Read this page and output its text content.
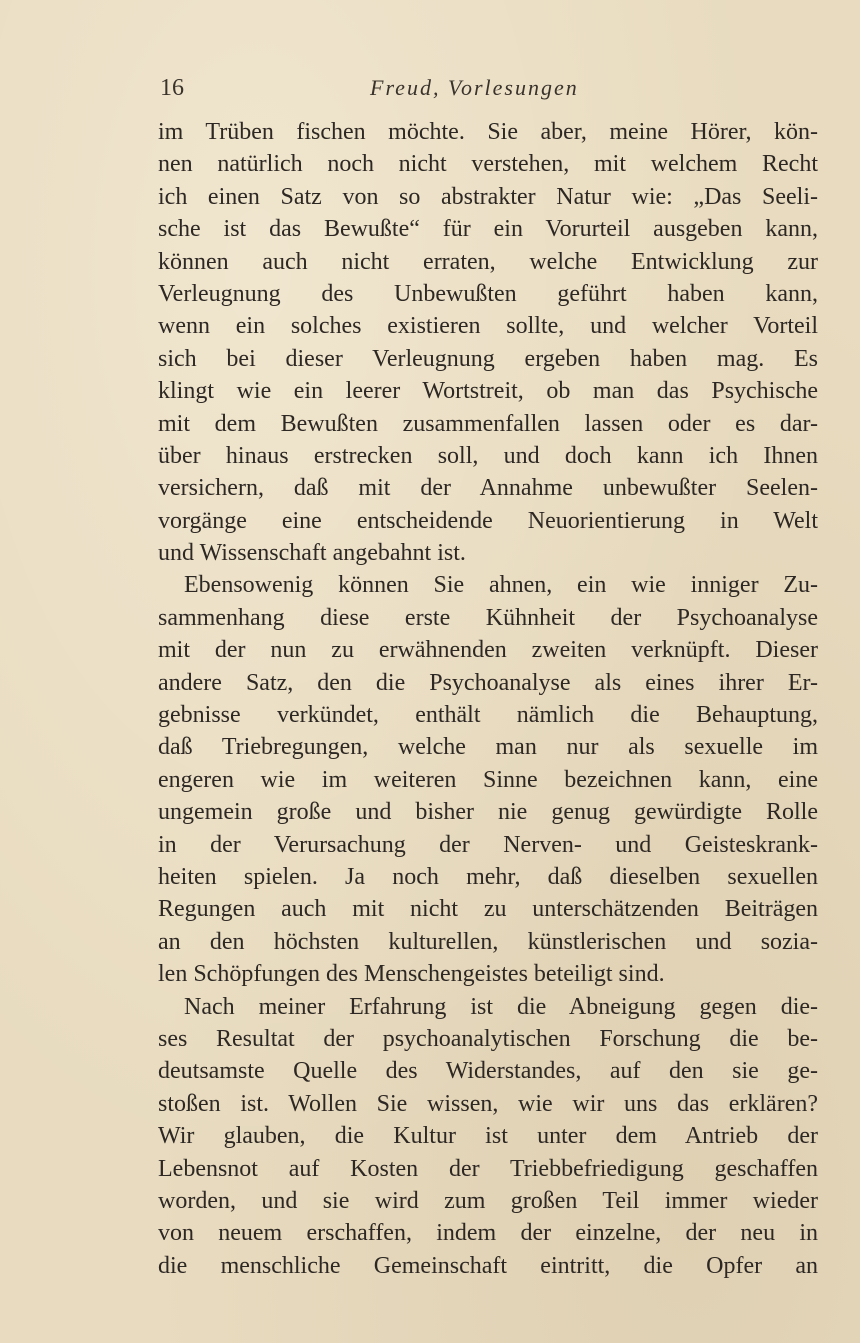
16	Freud, Vorlesungen
im Trüben fischen möchte. Sie aber, meine Hörer, kön-
nen natürlich noch nicht verstehen, mit welchem Recht
ich einen Satz von so abstrakter Natur wie: „Das Seeli-
sche ist das Bewußte“ für ein Vorurteil ausgeben kann,
können auch nicht erraten, welche Entwicklung zur
Verleugnung des Unbewußten geführt haben kann,
wenn ein solches existieren sollte, und welcher Vorteil
sich bei dieser Verleugnung ergeben haben mag. Es
klingt wie ein leerer Wortstreit, ob man das Psychische
mit dem Bewußten zusammenfallen lassen oder es dar-
über hinaus erstrecken soll, und doch kann ich Ihnen
versichern, daß mit der Annahme unbewußter Seelen-
vorgänge eine entscheidende Neuorientierung in Welt
und Wissenschaft angebahnt ist.
Ebensowenig können Sie ahnen, ein wie inniger Zu-
sammenhang diese erste Kühnheit der Psychoanalyse
mit der nun zu erwähnenden zweiten verknüpft. Dieser
andere Satz, den die Psychoanalyse als eines ihrer Er-
gebnisse verkündet, enthält nämlich die Behauptung,
daß Triebregungen, welche man nur als sexuelle im
engeren wie im weiteren Sinne bezeichnen kann, eine
ungemein große und bisher nie genug gewürdigte Rolle
in der Verursachung der Nerven- und Geisteskrank-
heiten spielen. Ja noch mehr, daß dieselben sexuellen
Regungen auch mit nicht zu unterschätzenden Beiträgen
an den höchsten kulturellen, künstlerischen und sozia-
len Schöpfungen des Menschengeistes beteiligt sind.
Nach meiner Erfahrung ist die Abneigung gegen die-
ses Resultat der psychoanalytischen Forschung die be-
deutsamste Quelle des Widerstandes, auf den sie ge-
stoßen ist. Wollen Sie wissen, wie wir uns das erklären?
Wir glauben, die Kultur ist unter dem Antrieb der
Lebensnot auf Kosten der Triebbefriedigung geschaffen
worden, und sie wird zum großen Teil immer wieder
von neuem erschaffen, indem der einzelne, der neu in
die menschliche Gemeinschaft eintritt, die Opfer an
